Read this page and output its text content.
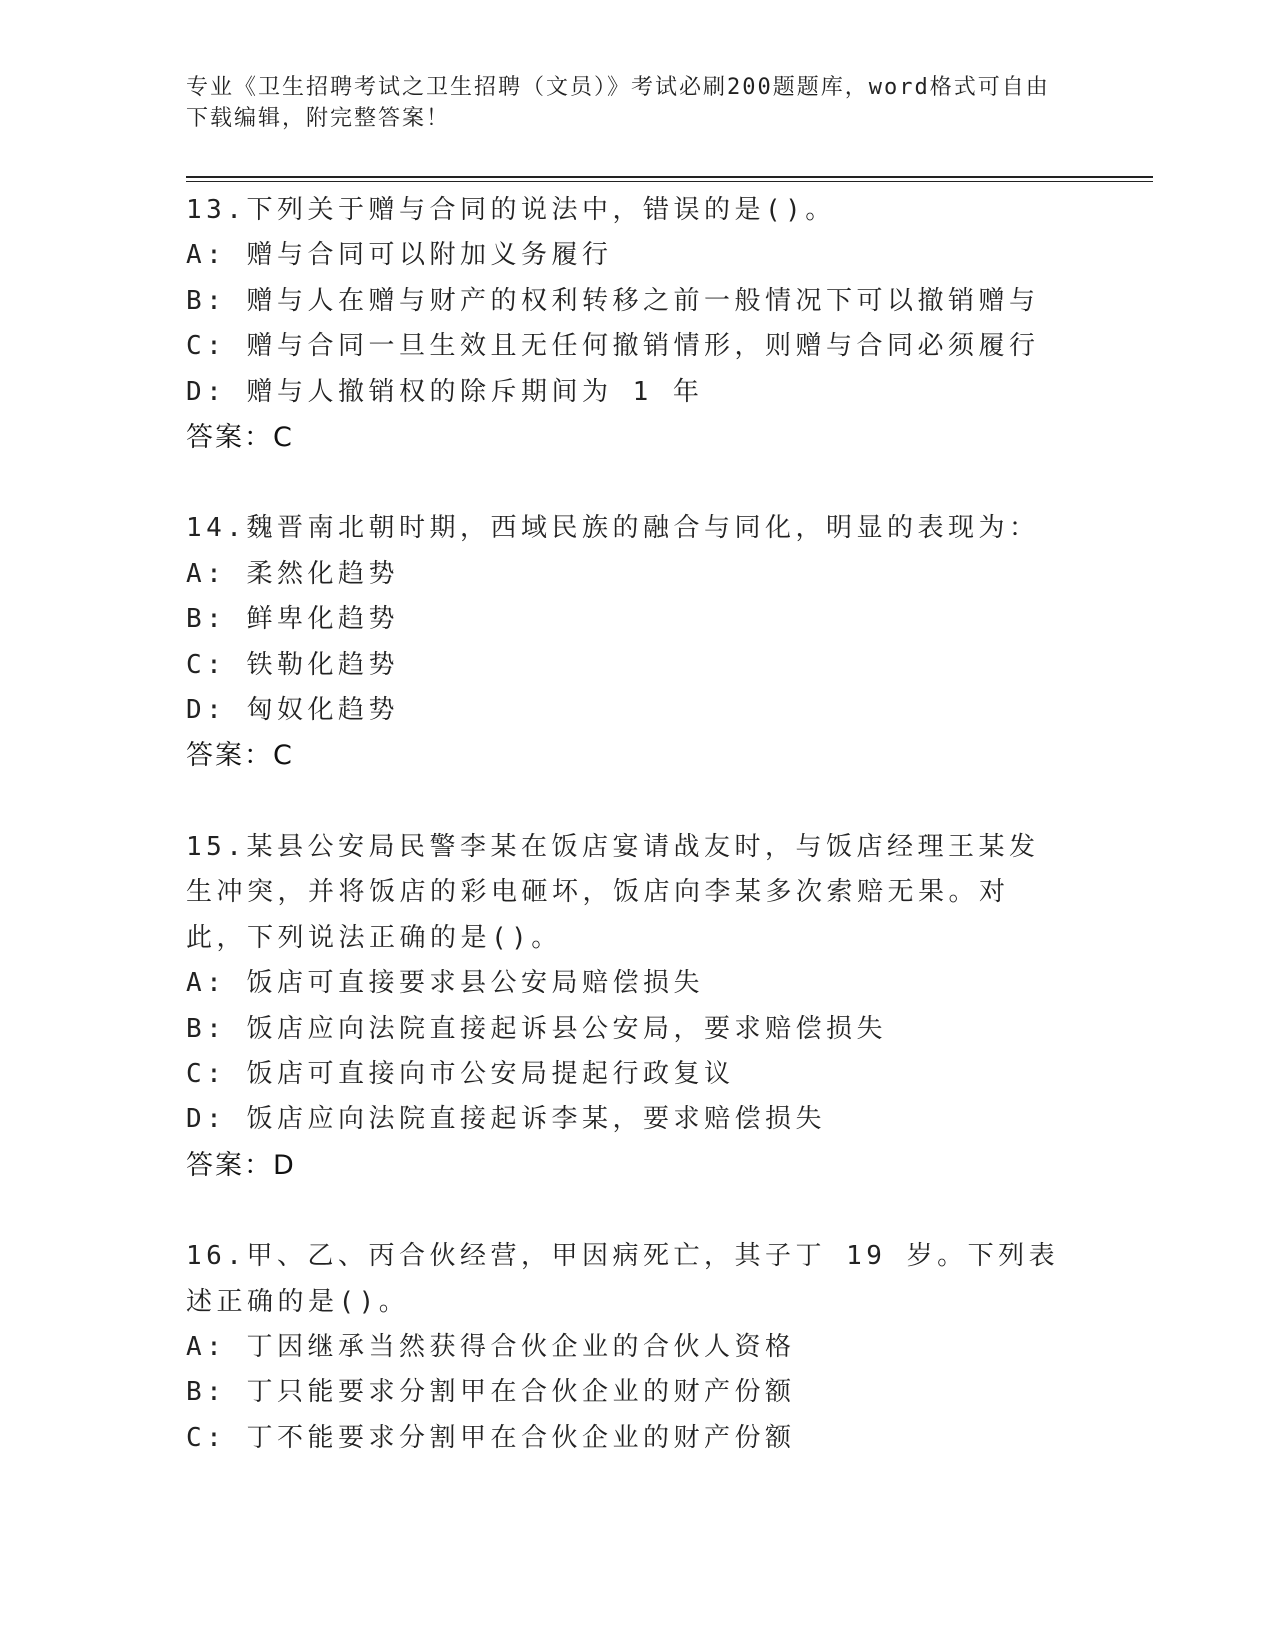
专业《卫生招聘考试之卫生招聘（文员）》考试必刷200题题库，word格式可自由下载编辑，附完整答案！
13.下列关于赠与合同的说法中，错误的是()。
A: 赠与合同可以附加义务履行
B: 赠与人在赠与财产的权利转移之前一般情况下可以撤销赠与
C: 赠与合同一旦生效且无任何撤销情形，则赠与合同必须履行
D: 赠与人撤销权的除斥期间为 1 年
答案：C
14.魏晋南北朝时期，西域民族的融合与同化，明显的表现为：
A: 柔然化趋势
B: 鲜卑化趋势
C: 铁勒化趋势
D: 匈奴化趋势
答案：C
15.某县公安局民警李某在饭店宴请战友时，与饭店经理王某发生冲突，并将饭店的彩电砸坏，饭店向李某多次索赔无果。对此，下列说法正确的是()。
A: 饭店可直接要求县公安局赔偿损失
B: 饭店应向法院直接起诉县公安局，要求赔偿损失
C: 饭店可直接向市公安局提起行政复议
D: 饭店应向法院直接起诉李某，要求赔偿损失
答案：D
16.甲、乙、丙合伙经营，甲因病死亡，其子丁 19 岁。下列表述正确的是()。
A: 丁因继承当然获得合伙企业的合伙人资格
B: 丁只能要求分割甲在合伙企业的财产份额
C: 丁不能要求分割甲在合伙企业的财产份额
